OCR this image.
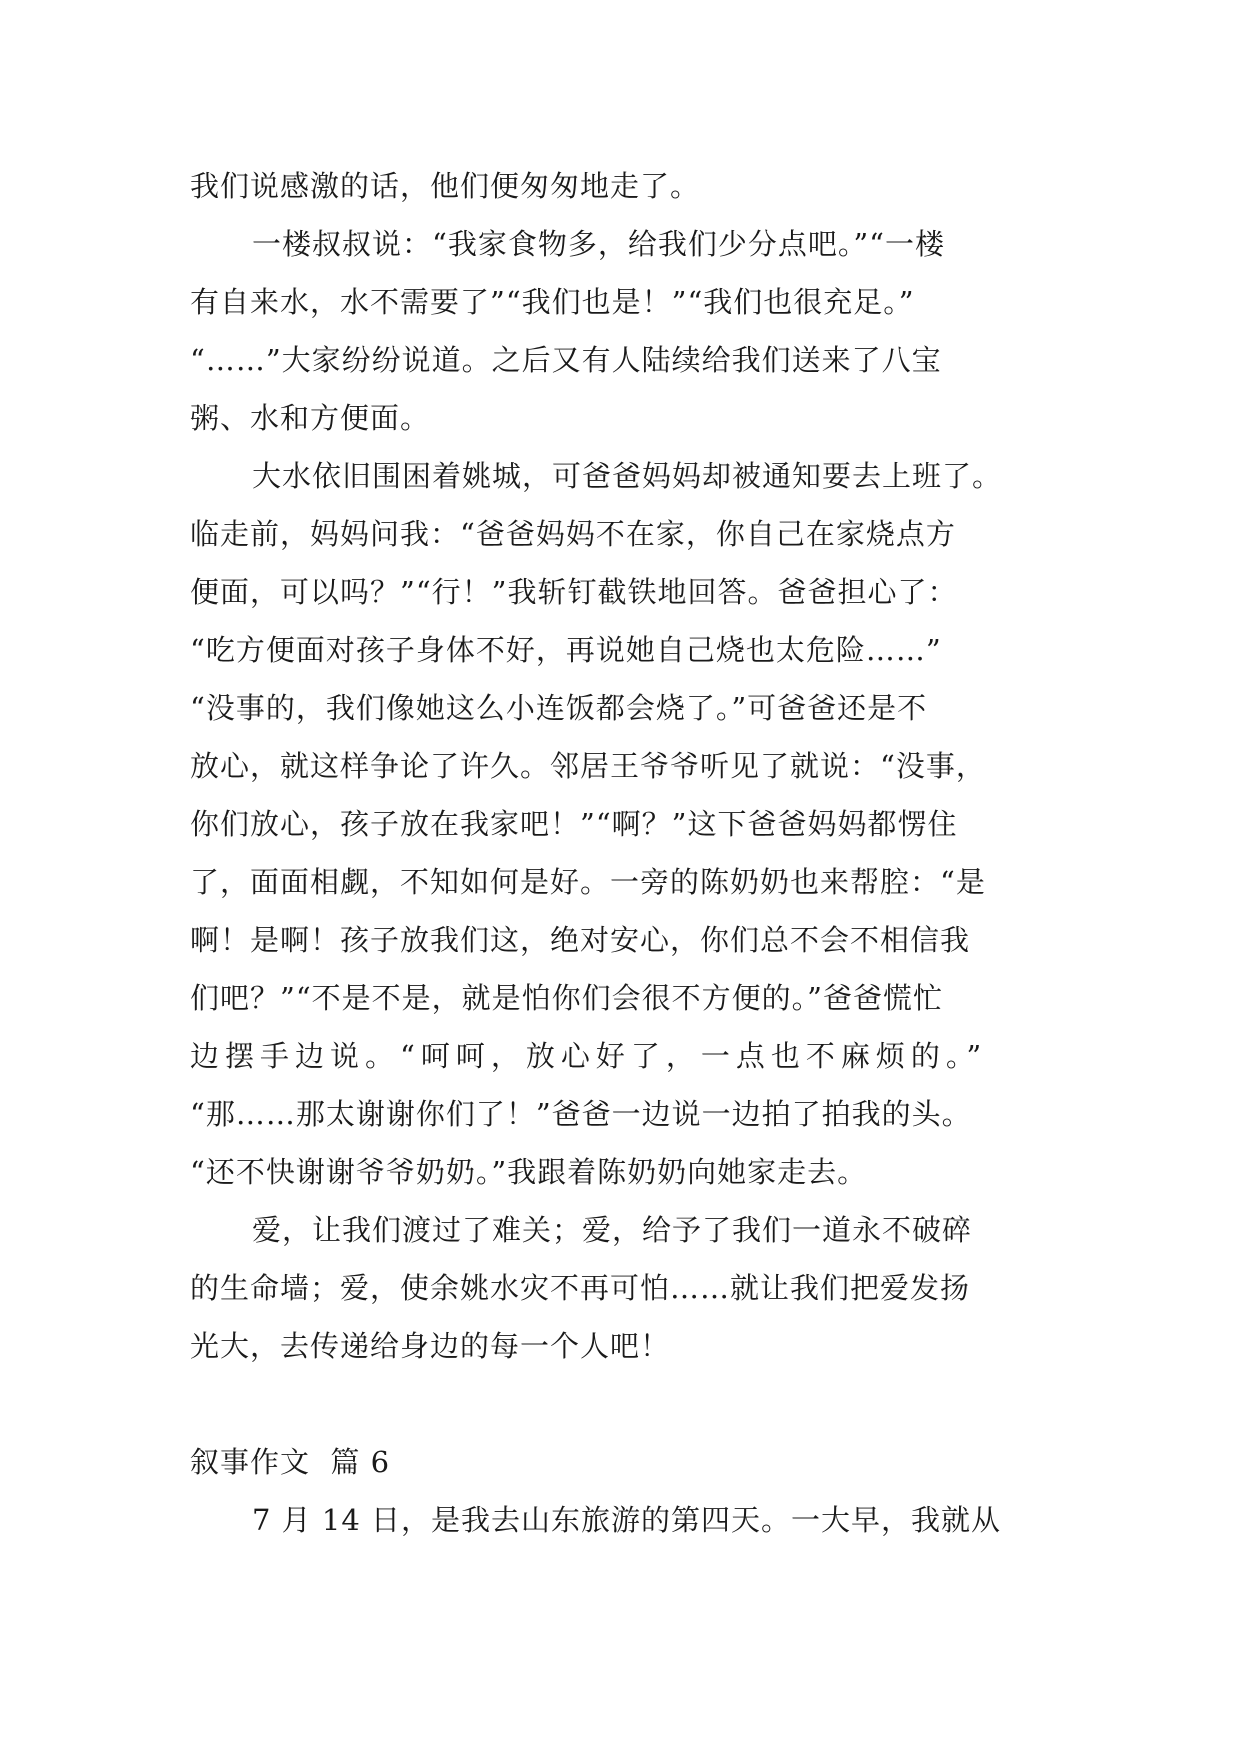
我们说感激的话，他们便匆匆地走了。
一楼叔叔说：“我家食物多，给我们少分点吧。”“一楼
有自来水，水不需要了”“我们也是！”“我们也很充足。”
“……”大家纷纷说道。之后又有人陆续给我们送来了八宝
粥、水和方便面。
大水依旧围困着姚城，可爸爸妈妈却被通知要去上班了。
临走前，妈妈问我：“爸爸妈妈不在家，你自己在家烧点方
便面，可以吗？”“行！”我斩钉截铁地回答。爸爸担心了：
“吃方便面对孩子身体不好，再说她自己烧也太危险……”
“没事的，我们像她这么小连饭都会烧了。”可爸爸还是不
放心，就这样争论了许久。邻居王爷爷听见了就说：“没事，
你们放心，孩子放在我家吧！”“啊？”这下爸爸妈妈都愣住
了，面面相觑，不知如何是好。一旁的陈奶奶也来帮腔：“是
啊！是啊！孩子放我们这，绝对安心，你们总不会不相信我
们吧？”“不是不是，就是怕你们会很不方便的。”爸爸慌忙
边摆手边说。“呵呵，放心好了，一点也不麻烦的。”
“那……那太谢谢你们了！”爸爸一边说一边拍了拍我的头。
“还不快谢谢爷爷奶奶。”我跟着陈奶奶向她家走去。
爱，让我们渡过了难关；爱，给予了我们一道永不破碎
的生命墙；爱，使余姚水灾不再可怕……就让我们把爱发扬
光大，去传递给身边的每一个人吧！
叙事作文  篇 6
7 月 14 日，是我去山东旅游的第四天。一大早，我就从
